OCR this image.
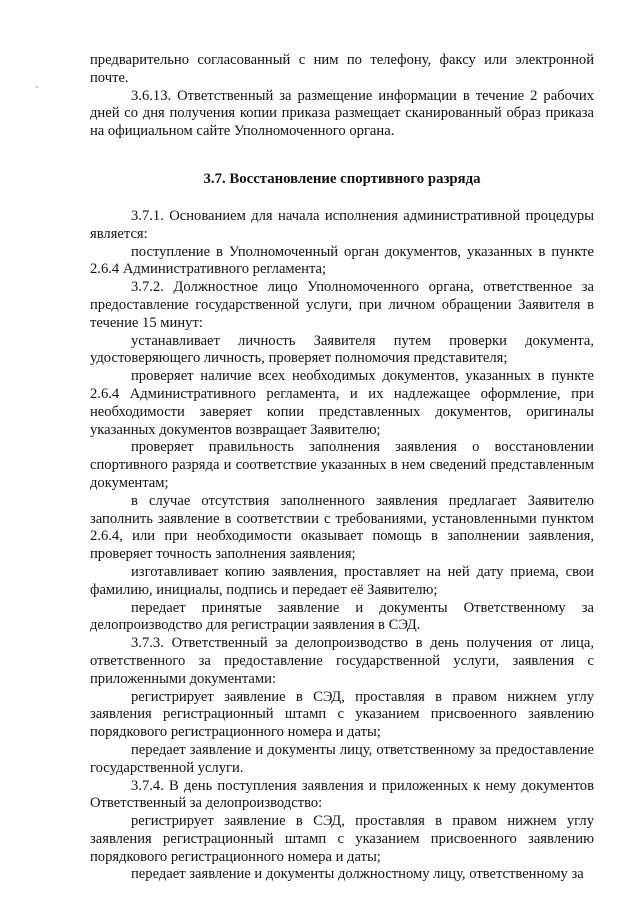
предварительно согласованный с ним по телефону, факсу или электронной почте.

3.6.13. Ответственный за размещение информации в течение 2 рабочих дней со дня получения копии приказа размещает сканированный образ приказа на официальном сайте Уполномоченного органа.

3.7. Восстановление спортивного разряда

3.7.1. Основанием для начала исполнения административной процедуры является:

поступление в Уполномоченный орган документов, указанных в пункте 2.6.4 Административного регламента;

3.7.2. Должностное лицо Уполномоченного органа, ответственное за предоставление государственной услуги, при личном обращении Заявителя в течение 15 минут:

устанавливает личность Заявителя путем проверки документа, удостоверяющего личность, проверяет полномочия представителя;

проверяет наличие всех необходимых документов, указанных в пункте 2.6.4 Административного регламента, и их надлежащее оформление, при необходимости заверяет копии представленных документов, оригиналы указанных документов возвращает Заявителю;

проверяет правильность заполнения заявления о восстановлении спортивного разряда и соответствие указанных в нем сведений представленным документам;

в случае отсутствия заполненного заявления предлагает Заявителю заполнить заявление в соответствии с требованиями, установленными пунктом 2.6.4, или при необходимости оказывает помощь в заполнении заявления, проверяет точность заполнения заявления;

изготавливает копию заявления, проставляет на ней дату приема, свои фамилию, инициалы, подпись и передает её Заявителю;

передает принятые заявление и документы Ответственному за делопроизводство для регистрации заявления в СЭД.

3.7.3. Ответственный за делопроизводство в день получения от лица, ответственного за предоставление государственной услуги, заявления с приложенными документами:

регистрирует заявление в СЭД, проставляя в правом нижнем углу заявления регистрационный штамп с указанием присвоенного заявлению порядкового регистрационного номера и даты;

передает заявление и документы лицу, ответственному за предоставление государственной услуги.

3.7.4. В день поступления заявления и приложенных к нему документов Ответственный за делопроизводство:

регистрирует заявление в СЭД, проставляя в правом нижнем углу заявления регистрационный штамп с указанием присвоенного заявлению порядкового регистрационного номера и даты;

передает заявление и документы должностному лицу, ответственному за
